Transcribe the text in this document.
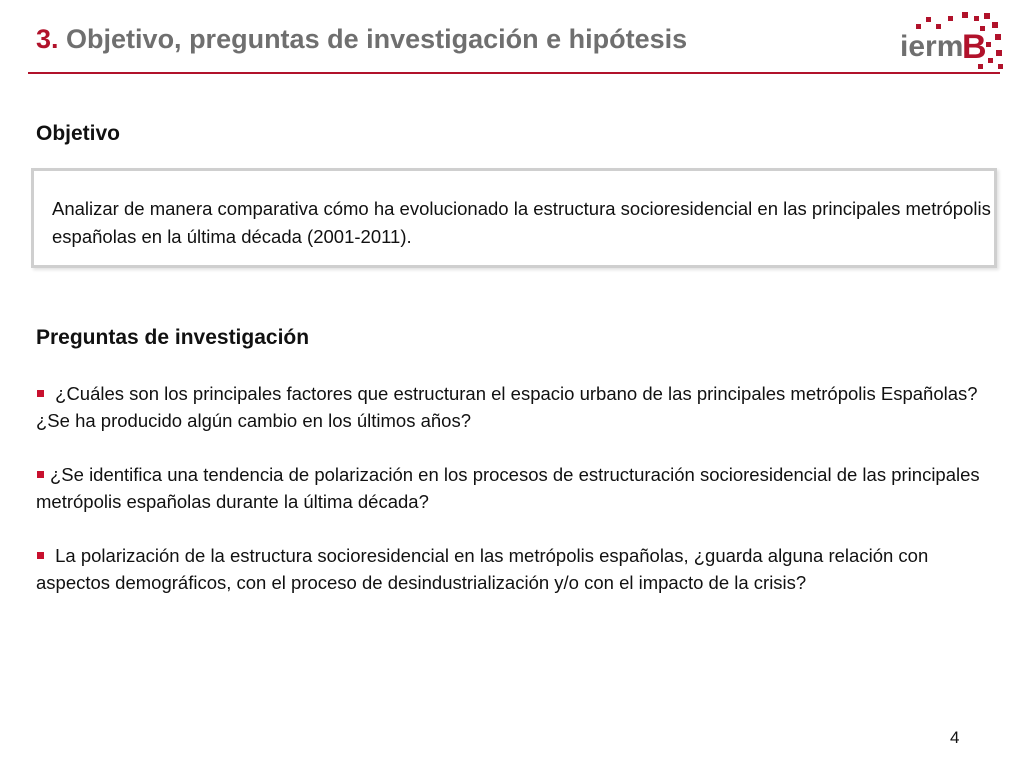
3. Objetivo, preguntas de investigación e hipótesis	ierm
B
Objetivo
Analizar de manera comparativa cómo ha evolucionado la estructura socioresidencial en las principales metrópolis españolas en la última década (2001-2011).
Preguntas de investigación
¿Cuáles son los principales factores que estructuran el espacio urbano de las principales metrópolis Españolas? ¿Se ha producido algún cambio en los últimos años?
¿Se identifica una tendencia de polarización en los procesos de estructuración socioresidencial de las principales metrópolis españolas durante la última década?
La polarización de la estructura socioresidencial en las metrópolis españolas, ¿guarda alguna relación con aspectos demográficos, con el proceso de desindustrialización y/o con el impacto de la crisis?
4
